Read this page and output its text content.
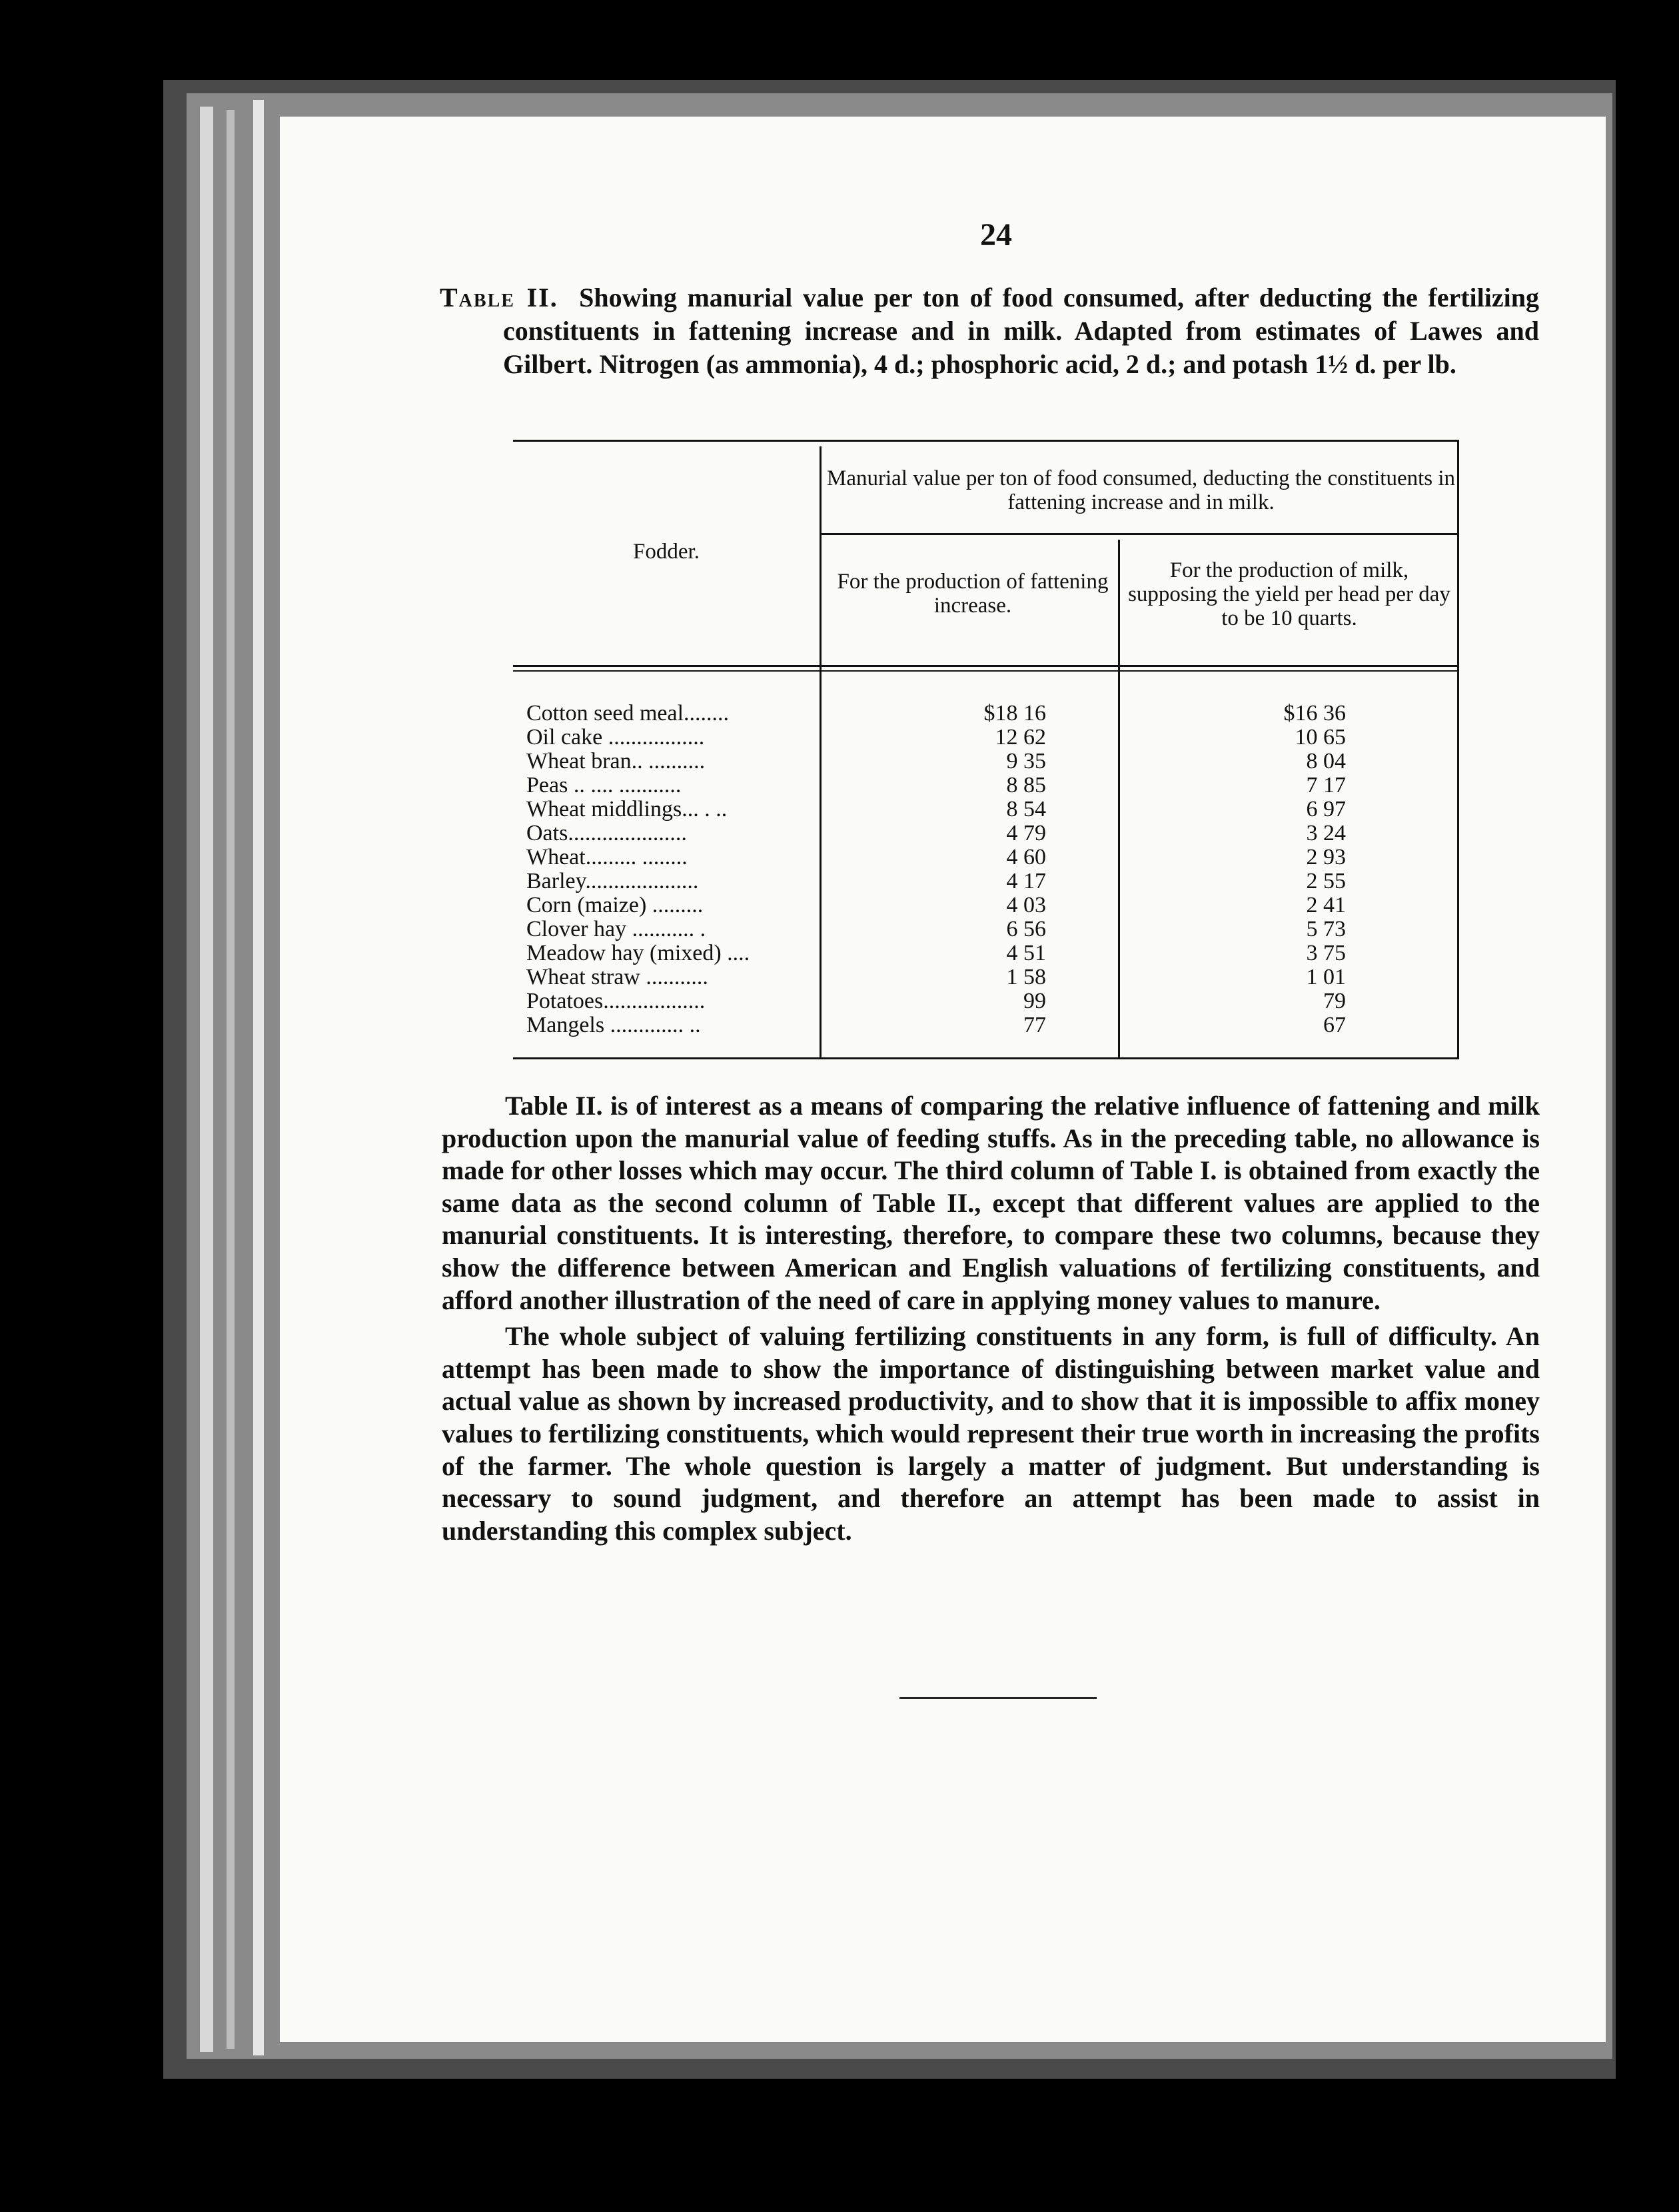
24

Table II. Showing manurial value per ton of food consumed, after deducting the fertilizing constituents in fattening increase and in milk. Adapted from estimates of Lawes and Gilbert. Nitrogen (as ammonia), 4 d.; phosphoric acid, 2 d.; and potash 1½ d. per lb.

Fodder.
Manurial value per ton of food consumed, deducting the constituents in fattening increase and in milk.
For the production of fattening increase.
For the production of milk, supposing the yield per head per day to be 10 quarts.
Cotton seed meal........	$18 16	$16 36
Oil cake .................	12 62	10 65
Wheat bran.. ..........	9 35	8 04
Peas .. .... ...........	8 85	7 17
Wheat middlings... . ..	8 54	6 97
Oats.....................	4 79	3 24
Wheat......... ........	4 60	2 93
Barley....................	4 17	2 55
Corn (maize) .........	4 03	2 41
Clover hay ........... .	6 56	5 73
Meadow hay (mixed) ....	4 51	3 75
Wheat straw ...........	1 58	1 01
Potatoes..................	99	79
Mangels ............. ..	77	67

Table II. is of interest as a means of comparing the relative influence of fattening and milk production upon the manurial value of feeding stuffs. As in the preceding table, no allowance is made for other losses which may occur. The third column of Table I. is obtained from exactly the same data as the second column of Table II., except that different values are applied to the manurial constituents. It is interesting, therefore, to compare these two columns, because they show the difference between American and English valuations of fertilizing constituents, and afford another illustration of the need of care in applying money values to manure.

The whole subject of valuing fertilizing constituents in any form, is full of difficulty. An attempt has been made to show the importance of distinguishing between market value and actual value as shown by increased productivity, and to show that it is impossible to affix money values to fertilizing constituents, which would represent their true worth in increasing the profits of the farmer. The whole question is largely a matter of judgment. But understanding is necessary to sound judgment, and therefore an attempt has been made to assist in understanding this complex subject.
